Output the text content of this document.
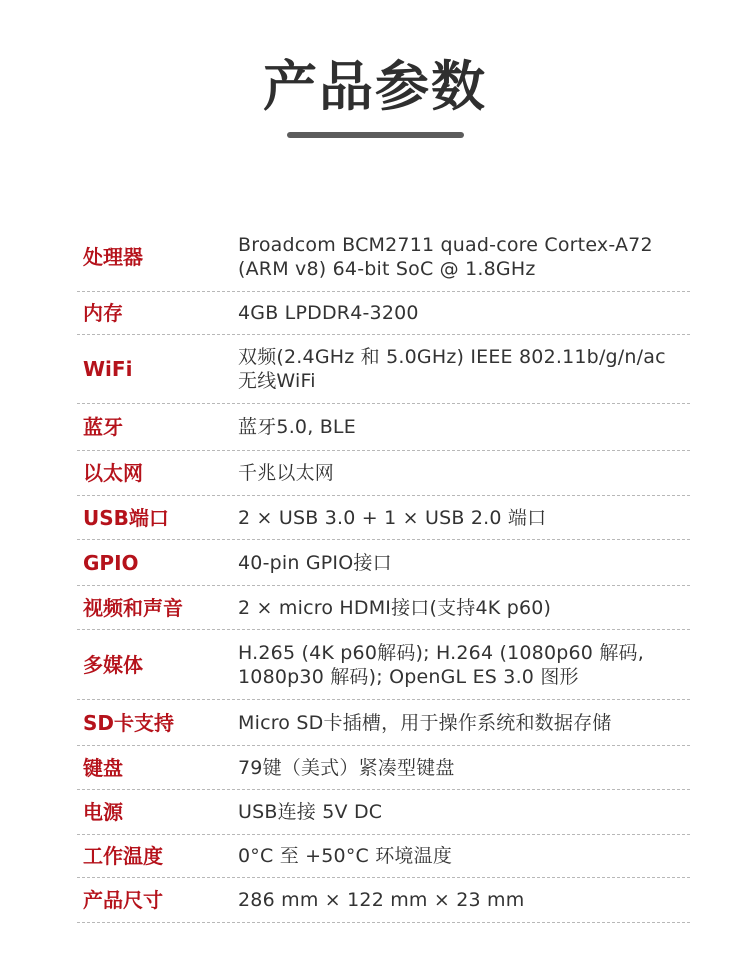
产品参数
处理器	Broadcom BCM2711 quad-core Cortex-A72
(ARM v8) 64-bit SoC @ 1.8GHz
内存	4GB LPDDR4-3200
WiFi	双频(2.4GHz 和 5.0GHz) IEEE 802.11b/g/n/ac
无线WiFi
蓝牙	蓝牙5.0, BLE
以太网	千兆以太网
USB端口	2 × USB 3.0 + 1 × USB 2.0 端口
GPIO	40-pin GPIO接口
视频和声音	2 × micro HDMI接口(支持4K p60)
多媒体	H.265 (4K p60解码); H.264 (1080p60 解码,
1080p30 解码); OpenGL ES 3.0 图形
SD卡支持	Micro SD卡插槽，用于操作系统和数据存储
键盘	79键（美式）紧凑型键盘
电源	USB连接 5V DC
工作温度	0°C 至 +50°C 环境温度
产品尺寸	286 mm × 122 mm × 23 mm
